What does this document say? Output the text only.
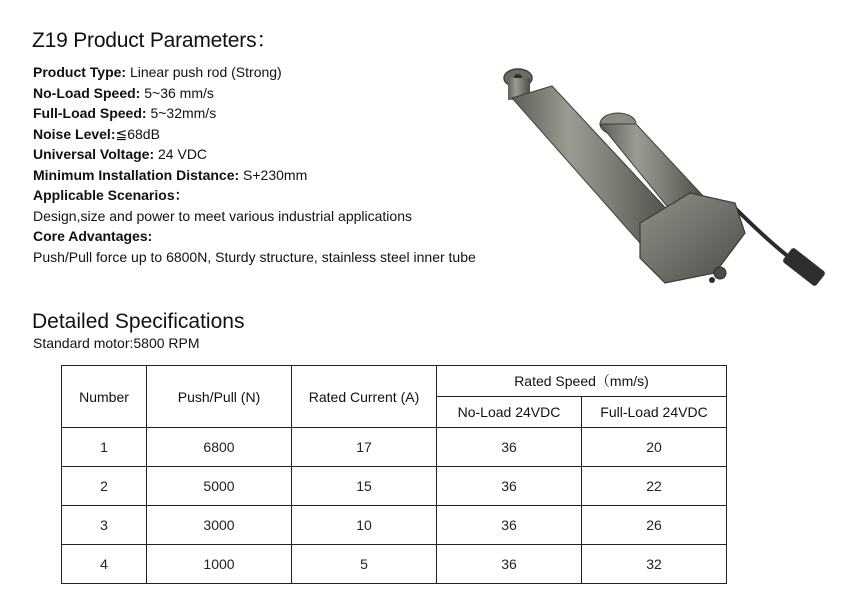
Z19 Product Parameters：
Product Type: Linear push rod (Strong)
No-Load Speed: 5~36 mm/s
Full-Load Speed: 5~32mm/s
Noise Level:≦68dB
Universal Voltage: 24 VDC
Minimum Installation Distance: S+230mm
Applicable Scenarios：
Design,size and power to meet various industrial applications
Core Advantages:
Push/Pull force up to 6800N, Sturdy structure, stainless steel inner tube
Detailed Specifications
Standard motor:5800 RPM
Number	Push/Pull (N)	Rated Current (A)	Rated Speed（mm/s)	
			No-Load 24VDC	Full-Load 24VDC
1	6800	17	36	20
2	5000	15	36	22
3	3000	10	36	26
4	1000	5	36	32
